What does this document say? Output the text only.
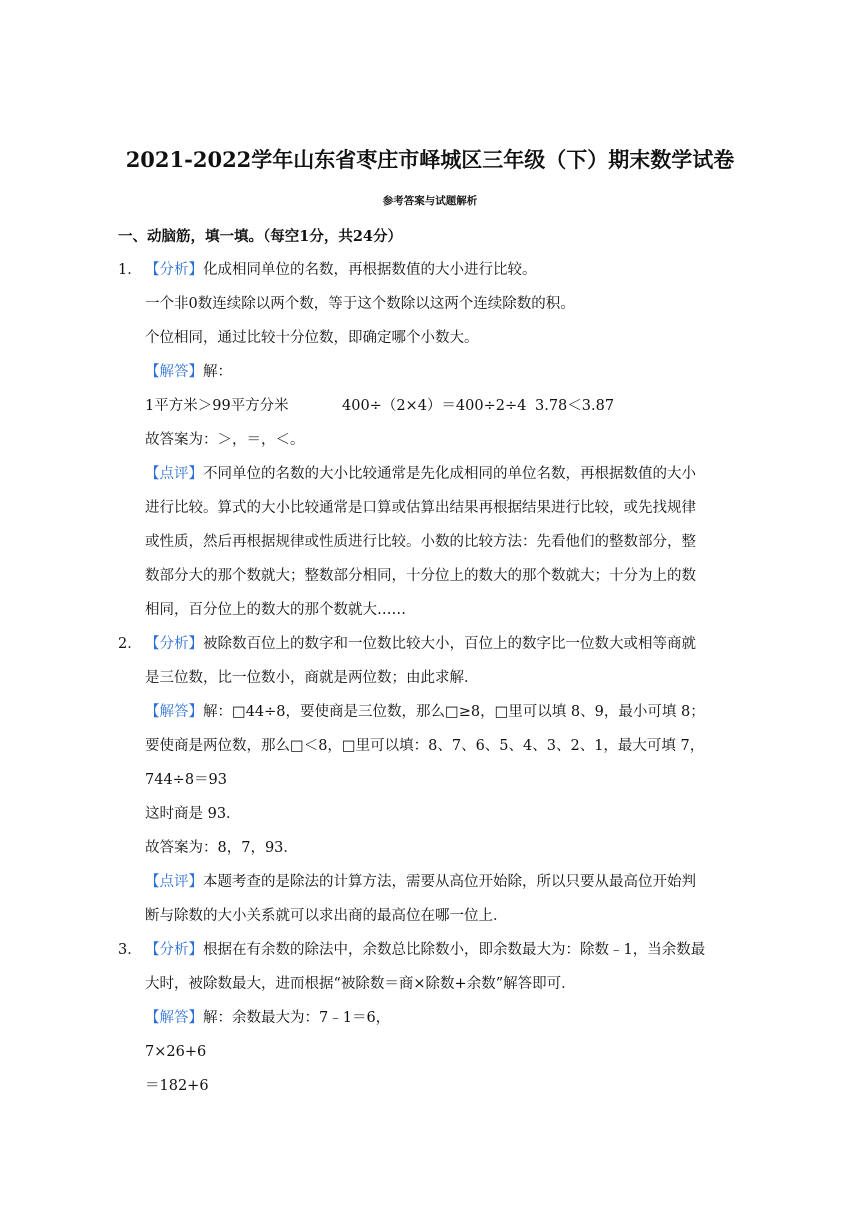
2021-2022学年山东省枣庄市峄城区三年级（下）期末数学试卷
参考答案与试题解析
一、动脑筋，填一填。（每空1分，共24分）
1． 【分析】化成相同单位的名数，再根据数值的大小进行比较。
一个非0数连续除以两个数，等于这个数除以这两个连续除数的积。
个位相同，通过比较十分位数，即确定哪个小数大。
【解答】解：
1平方米＞99平方分米	400÷（2×4）＝400÷2÷4 3.78＜3.87
故答案为：＞，＝，＜。
【点评】不同单位的名数的大小比较通常是先化成相同的单位名数，再根据数值的大小
进行比较。算式的大小比较通常是口算或估算出结果再根据结果进行比较，或先找规律
或性质，然后再根据规律或性质进行比较。小数的比较方法：先看他们的整数部分，整
数部分大的那个数就大；整数部分相同，十分位上的数大的那个数就大；十分为上的数
相同，百分位上的数大的那个数就大……
2． 【分析】被除数百位上的数字和一位数比较大小，百位上的数字比一位数大或相等商就
是三位数，比一位数小，商就是两位数；由此求解．
【解答】解：□44÷8，要使商是三位数，那么□≥8，□里可以填 8、9，最小可填 8；
要使商是两位数，那么□＜8，□里可以填：8、7、6、5、4、3、2、1，最大可填 7，
744÷8＝93
这时商是 93．
故答案为：8，7，93．
【点评】本题考查的是除法的计算方法，需要从高位开始除，所以只要从最高位开始判
断与除数的大小关系就可以求出商的最高位在哪一位上．
3． 【分析】根据在有余数的除法中，余数总比除数小，即余数最大为：除数﹣1，当余数最
大时，被除数最大，进而根据“被除数＝商×除数+余数”解答即可．
【解答】解：余数最大为：7﹣1＝6，
7×26+6
＝182+6
